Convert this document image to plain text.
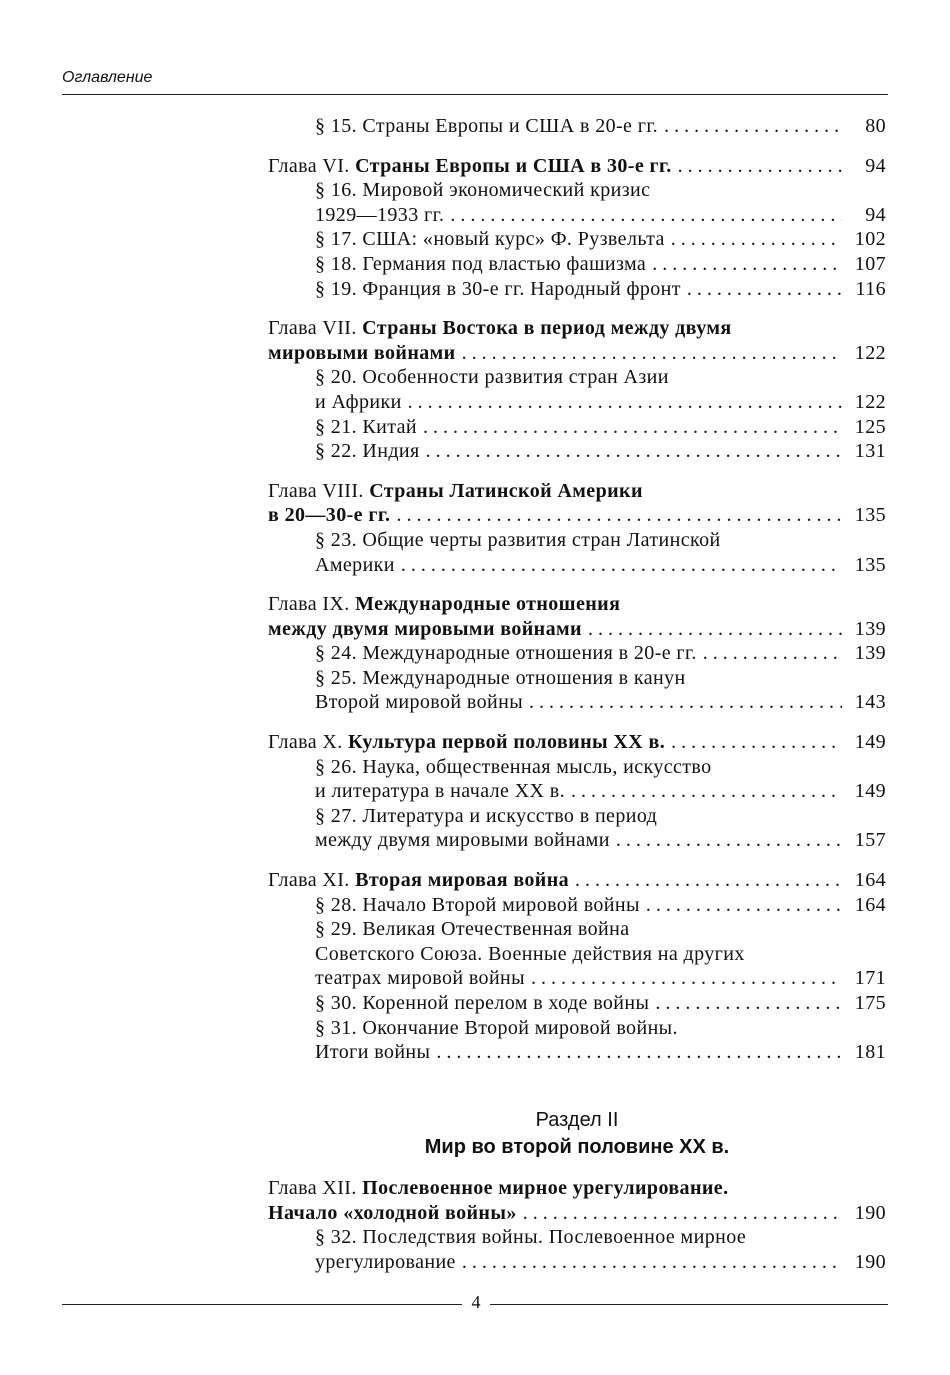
Оглавление
§ 15. Страны Европы и США в 20-е гг. . . .	80
Глава VI. Страны Европы и США в 30-е гг. . . .	94
§ 16. Мировой экономический кризис
1929—1933 гг. . . .	94
§ 17. США: «новый курс» Ф. Рузвельта . . .	102
§ 18. Германия под властью фашизма . . .	107
§ 19. Франция в 30-е гг. Народный фронт . . .	116
Глава VII. Страны Востока в период между двумя
мировыми войнами . . .	122
§ 20. Особенности развития стран Азии
и Африки . . .	122
§ 21. Китай . . .	125
§ 22. Индия . . .	131
Глава VIII. Страны Латинской Америки
в 20—30-е гг. . . .	135
§ 23. Общие черты развития стран Латинской
Америки . . .	135
Глава IX. Международные отношения
между двумя мировыми войнами . . .	139
§ 24. Международные отношения в 20-е гг. . . .	139
§ 25. Международные отношения в канун
Второй мировой войны . . .	143
Глава X. Культура первой половины XX в. . . .	149
§ 26. Наука, общественная мысль, искусство
и литература в начале XX в. . . .	149
§ 27. Литература и искусство в период
между двумя мировыми войнами . . .	157
Глава XI. Вторая мировая война . . .	164
§ 28. Начало Второй мировой войны . . .	164
§ 29. Великая Отечественная война
Советского Союза. Военные действия на других
театрах мировой войны . . .	171
§ 30. Коренной перелом в ходе войны . . .	175
§ 31. Окончание Второй мировой войны.
Итоги войны . . .	181
Раздел II
Мир во второй половине XX в.
Глава XII. Послевоенное мирное урегулирование.
Начало «холодной войны» . . .	190
§ 32. Последствия войны. Послевоенное мирное
урегулирование . . .	190
4
